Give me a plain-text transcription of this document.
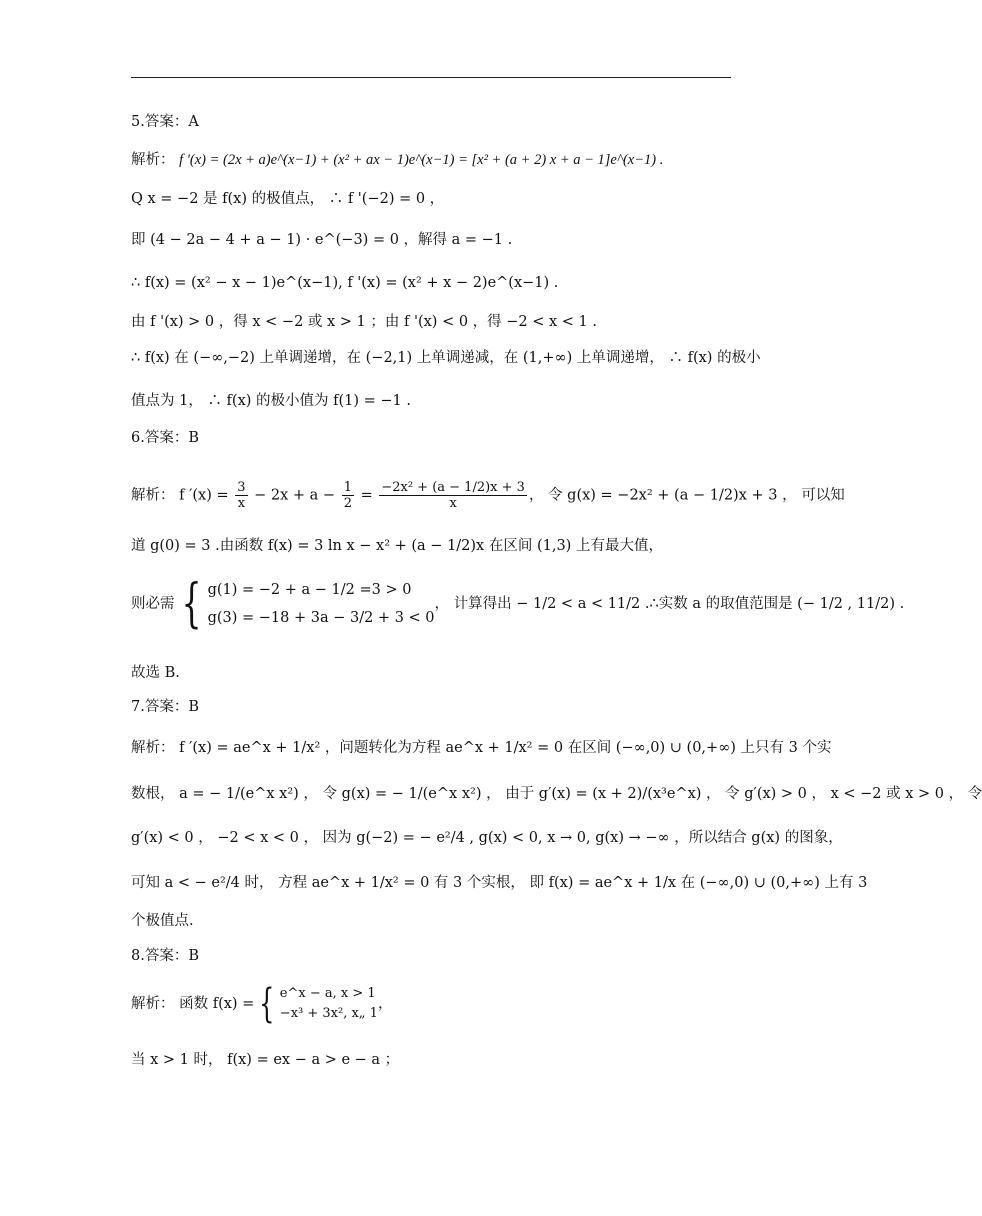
5.答案：A
解析： f '(x) = (2x + a)e^(x−1) + (x² + ax − 1)e^(x−1) = [x² + (a + 2) x + a − 1]e^(x−1) .
Q x = −2 是 f(x) 的极值点， ∴ f '(−2) = 0 ，
即 (4 − 2a − 4 + a − 1) · e^(−3) = 0 ，解得 a = −1 .
∴ f(x) = (x² − x − 1)e^(x−1), f '(x) = (x² + x − 2)e^(x−1) .
由 f '(x) > 0 ，得 x < −2 或 x > 1 ；由 f '(x) < 0 ，得 −2 < x < 1 .
∴ f(x) 在 (−∞,−2) 上单调递增，在 (−2,1) 上单调递减，在 (1,+∞) 上单调递增， ∴ f(x) 的极小
值点为 1， ∴ f(x) 的极小值为 f(1) = −1 .
6.答案：B
解析： f $'(x) = \frac{3}{x} - 2x + a - \frac{1}{2} = \frac{\text{−2x² + (a − 1/2)x + 3}}{x}$ ， 令 g(x) = −2x² + (a − 1/2)x + 3 ， 可以知
道 g(0) = 3 .由函数 f(x) = 3 ln x − x² + (a − 1/2)x 在区间 (1,3) 上有最大值，
则必需 { g(1) = −2 + a − 1/2 =3 > 0
g(3) = −18 + 3a − 3/2 + 3 < 0
， 计算得出 − 1/2 < a < 11/2 .∴实数 a 的取值范围是 (− 1/2 , 11/2) .
故选 B.
7.答案：B
解析： f ′(x) = ae^x + 1/x² ，问题转化为方程 ae^x + 1/x² = 0 在区间 (−∞,0) ∪ (0,+∞) 上只有 3 个实
数根， a = − 1/(e^x x²) ， 令 g(x) = − 1/(e^x x²) ， 由于 g′(x) = (x + 2)/(x³e^x) ， 令 g′(x) > 0 ， x < −2 或 x > 0 ， 令
g′(x) < 0 ， −2 < x < 0 ， 因为 g(−2) = − e²/4 , g(x) < 0, x → 0, g(x) → −∞ ，所以结合 g(x) 的图象，
可知 a < − e²/4 时， 方程 ae^x + 1/x² = 0 有 3 个实根， 即 f(x) = ae^x + 1/x 在 (−∞,0) ∪ (0,+∞) 上有 3
个极值点.
8.答案：B
解析： 函数 f(x) ={ e^x − a, x > 1
−x³ + 3x², x„ 1
，
当 x > 1 时， f(x) = ex − a > e − a ；
